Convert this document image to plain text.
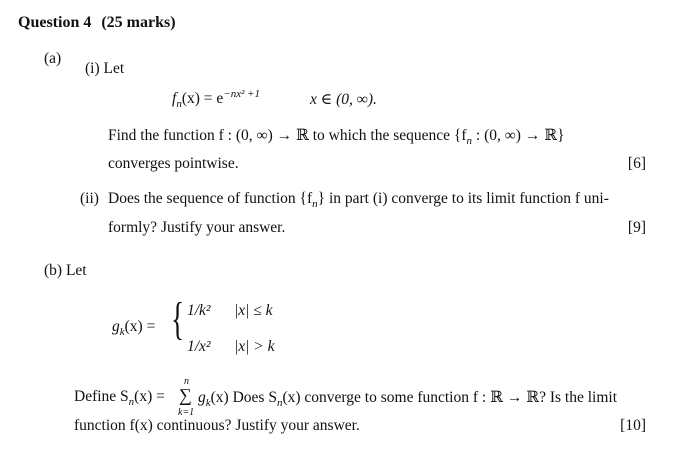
Question 4 (25 marks)
(a)
(i) Let
$f_n(x) = e^{-nx^2 +1}$	x ∈ (0, ∞).
Find the function f : (0, ∞) → ℝ to which the sequence {$f_n$ : (0, ∞) → ℝ}
converges pointwise.	[6]
(ii) Does the sequence of function $\{f_n\}$ in part (i) converge to its limit function f uni-
formly? Justify your answer.	[9]
(b) Let
$g_k(x)$ = { 1/k² |x| ≤ k
1/x² |x| > k
Define $S_n(x)$ =
n
∑
k=1
$g_k(x)$ Does $S_n(x)$ converge to some function f : ℝ → ℝ? Is the limit
function f(x) continuous? Justify your answer.	[10]
